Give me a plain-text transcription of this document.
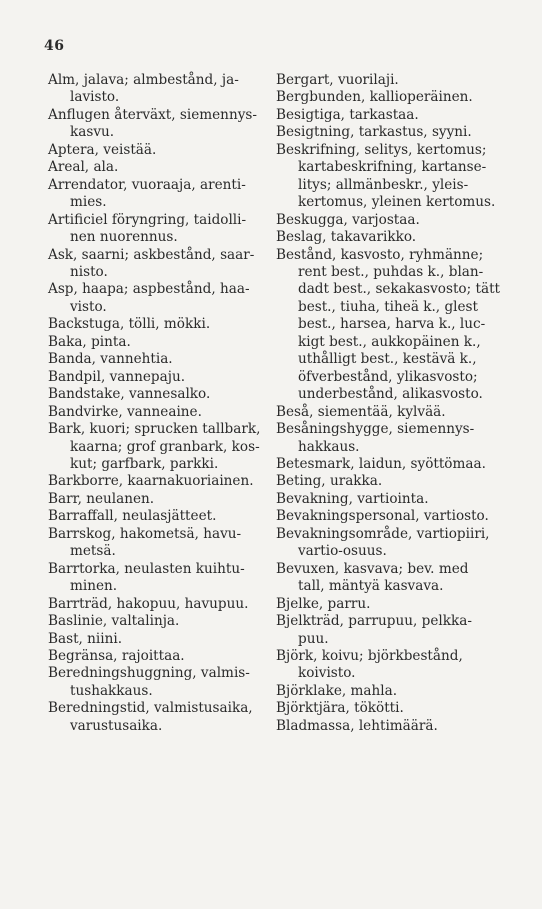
46
Alm, jalava; almbestånd, ja-
lavisto.
Anflugen återväxt, siemennys-
kasvu.
Aptera, veistää.
Areal, ala.
Arrendator, vuoraaja, arenti-
mies.
Artificiel föryngring, taidolli-
nen nuorennus.
Ask, saarni; askbestånd, saar-
nisto.
Asp, haapa; aspbestånd, haa-
visto.
Backstuga, tölli, mökki.
Baka, pinta.
Banda, vannehtia.
Bandpil, vannepaju.
Bandstake, vannesalko.
Bandvirke, vanneaine.
Bark, kuori; sprucken tallbark,
kaarna; grof granbark, kos-
kut; garfbark, parkki.
Barkborre, kaarnakuoriainen.
Barr, neulanen.
Barraffall, neulasjätteet.
Barrskog, hakometsä, havu-
metsä.
Barrtorka, neulasten kuihtu-
minen.
Barrträd, hakopuu, havupuu.
Baslinie, valtalinja.
Bast, niini.
Begränsa, rajoittaa.
Beredningshuggning, valmis-
tushakkaus.
Beredningstid, valmistusaika,
varustusaika.
Bergart, vuorilaji.
Bergbunden, kallioperäinen.
Besigtiga, tarkastaa.
Besigtning, tarkastus, syyni.
Beskrifning, selitys, kertomus;
kartabeskrifning, kartanse-
litys; allmänbeskr., yleis-
kertomus, yleinen kertomus.
Beskugga, varjostaa.
Beslag, takavarikko.
Bestånd, kasvosto, ryhmänne;
rent best., puhdas k., blan-
dadt best., sekakasvosto; tätt
best., tiuha, tiheä k., glest
best., harsea, harva k., luc-
kigt best., aukkopäinen k.,
uthålligt best., kestävä k.,
öfverbestånd, ylikasvosto;
underbestånd, alikasvosto.
Beså, siementää, kylvää.
Besåningshygge, siemennys-
hakkaus.
Betesmark, laidun, syöttömaa.
Beting, urakka.
Bevakning, vartiointa.
Bevakningspersonal, vartiosto.
Bevakningsområde, vartiopiiri,
vartio-osuus.
Bevuxen, kasvava; bev. med
tall, mäntyä kasvava.
Bjelke, parru.
Bjelkträd, parrupuu, pelkka-
puu.
Björk, koivu; björkbestånd,
koivisto.
Björklake, mahla.
Björktjära, tökötti.
Bladmassa, lehtimäärä.
